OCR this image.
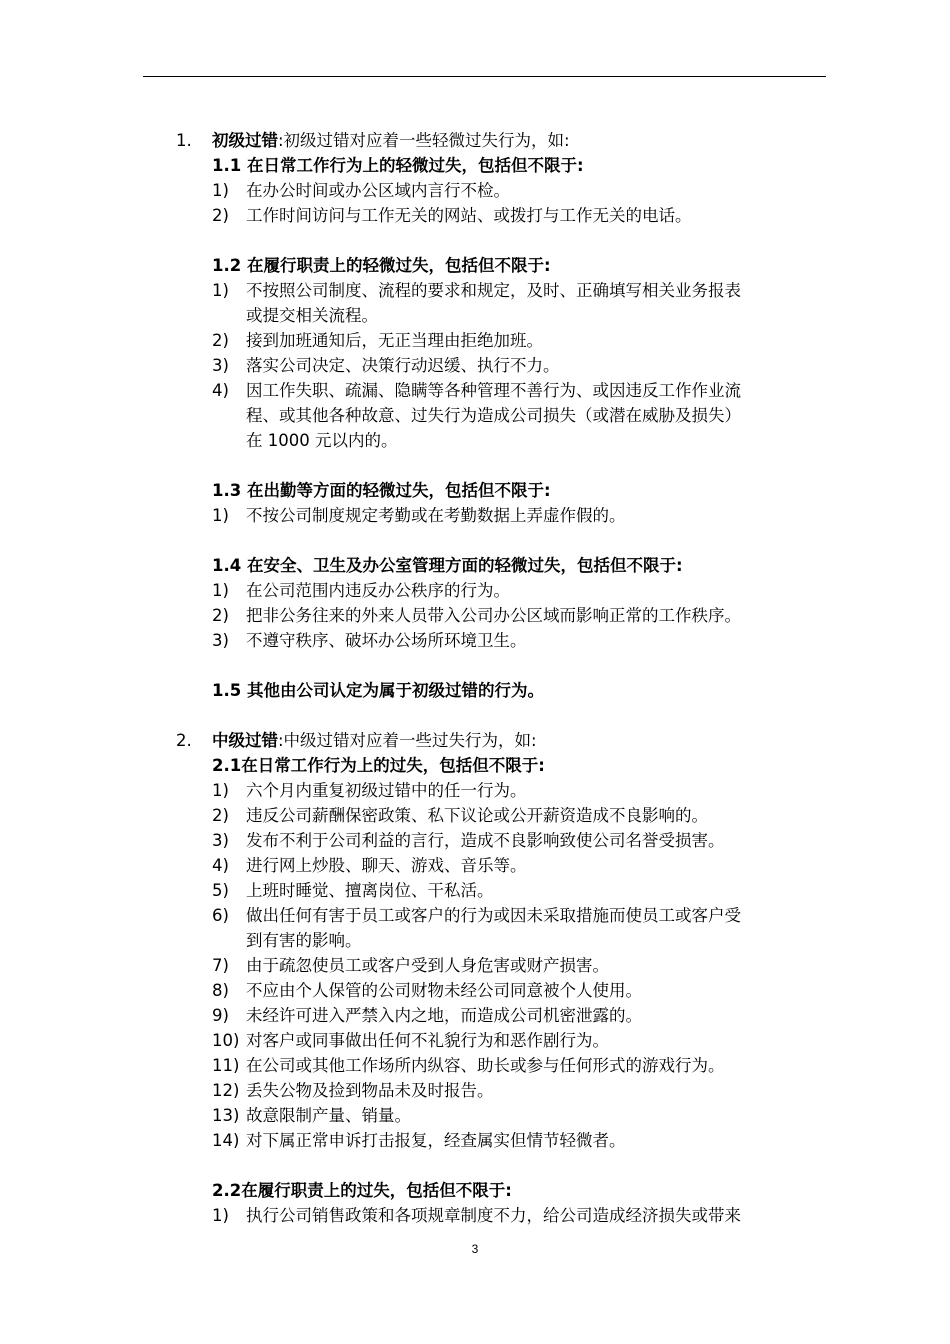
1. 初级过错:初级过错对应着一些轻微过失行为，如:
1.1 在日常工作行为上的轻微过失，包括但不限于:
1) 在办公时间或办公区域内言行不检。
2) 工作时间访问与工作无关的网站、或拨打与工作无关的电话。
1.2 在履行职责上的轻微过失，包括但不限于:
1) 不按照公司制度、流程的要求和规定，及时、正确填写相关业务报表
或提交相关流程。
2) 接到加班通知后，无正当理由拒绝加班。
3) 落实公司决定、决策行动迟缓、执行不力。
4) 因工作失职、疏漏、隐瞒等各种管理不善行为、或因违反工作作业流
程、或其他各种故意、过失行为造成公司损失（或潜在威胁及损失）
在 1000 元以内的。
1.3 在出勤等方面的轻微过失，包括但不限于:
1) 不按公司制度规定考勤或在考勤数据上弄虚作假的。
1.4 在安全、卫生及办公室管理方面的轻微过失，包括但不限于:
1) 在公司范围内违反办公秩序的行为。
2) 把非公务往来的外来人员带入公司办公区域而影响正常的工作秩序。
3) 不遵守秩序、破坏办公场所环境卫生。
1.5 其他由公司认定为属于初级过错的行为。
2. 中级过错:中级过错对应着一些过失行为，如:
2.1在日常工作行为上的过失，包括但不限于:
1) 六个月内重复初级过错中的任一行为。
2) 违反公司薪酬保密政策、私下议论或公开薪资造成不良影响的。
3) 发布不利于公司利益的言行，造成不良影响致使公司名誉受损害。
4) 进行网上炒股、聊天、游戏、音乐等。
5) 上班时睡觉、擅离岗位、干私活。
6) 做出任何有害于员工或客户的行为或因未采取措施而使员工或客户受
到有害的影响。
7) 由于疏忽使员工或客户受到人身危害或财产损害。
8) 不应由个人保管的公司财物未经公司同意被个人使用。
9) 未经许可进入严禁入内之地，而造成公司机密泄露的。
10) 对客户或同事做出任何不礼貌行为和恶作剧行为。
11) 在公司或其他工作场所内纵容、助长或参与任何形式的游戏行为。
12) 丢失公物及捡到物品未及时报告。
13) 故意限制产量、销量。
14) 对下属正常申诉打击报复，经查属实但情节轻微者。
2.2在履行职责上的过失，包括但不限于:
1) 执行公司销售政策和各项规章制度不力，给公司造成经济损失或带来
3
